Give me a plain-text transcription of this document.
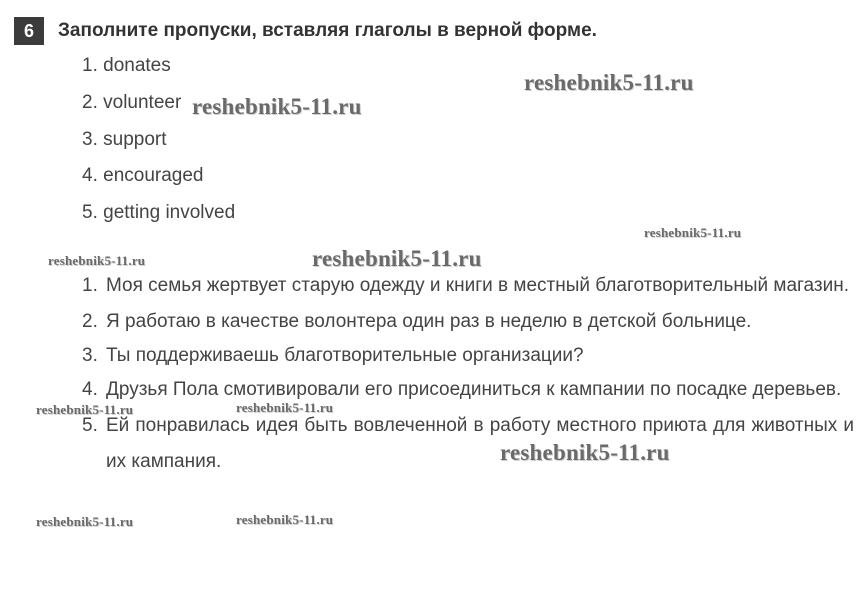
6	Заполните пропуски, вставляя глаголы в верной форме.
1. donates
2. volunteer
3. support
4. encouraged
5. getting involved
1. Моя семья жертвует старую одежду и книги в местный благотворительный магазин.
2. Я работаю в качестве волонтера один раз в неделю в детской больнице.
3. Ты поддерживаешь благотворительные организации?
4. Друзья Пола смотивировали его присоединиться к кампании по посадке деревьев.
5. Ей понравилась идея быть вовлеченной в работу местного приюта для животных и их кампания.
reshebnik5-11.ru
reshebnik5-11.ru
reshebnik5-11.ru
reshebnik5-11.ru	reshebnik5-11.ru
reshebnik5-11.ru	reshebnik5-11.ru
reshebnik5-11.ru
reshebnik5-11.ru	reshebnik5-11.ru
